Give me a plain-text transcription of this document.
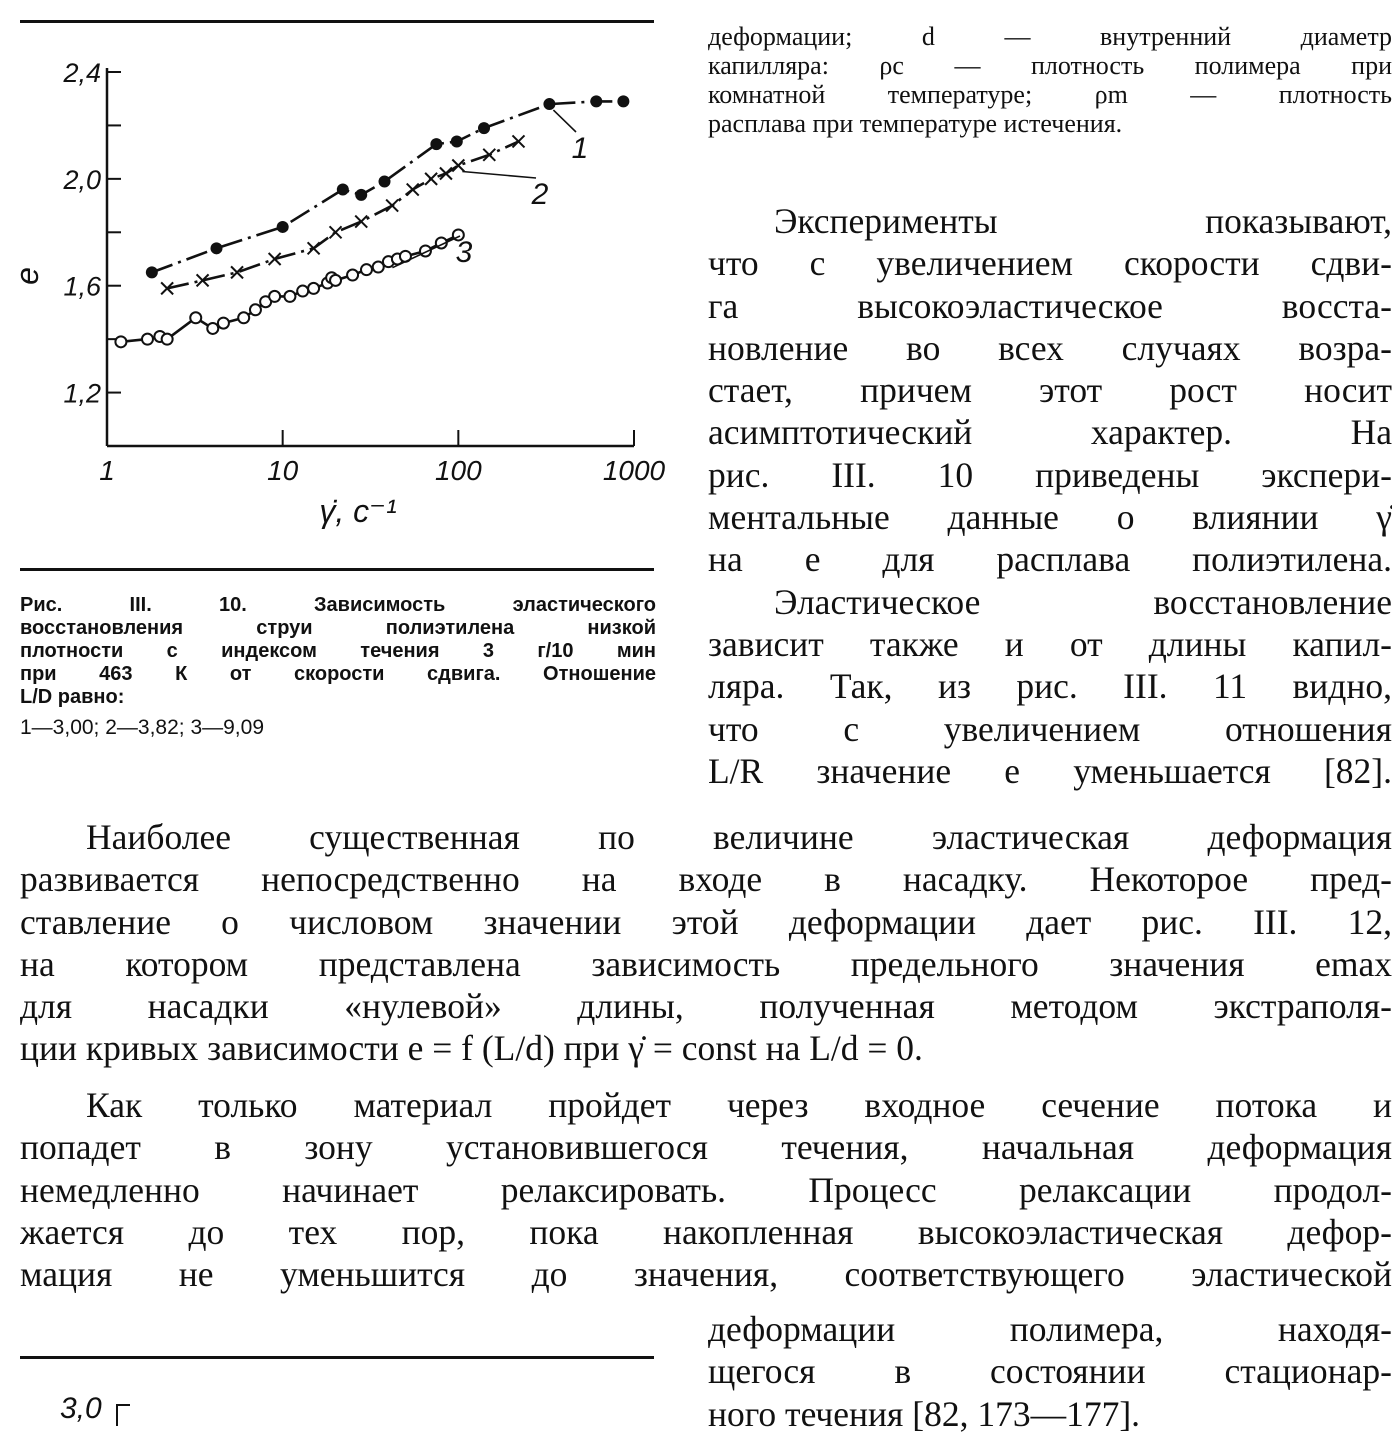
1	10	100	1000
2,4
2,0
1,6
1,2
γ̇, с⁻¹
e
1
2
3
Рис. III. 10. Зависимость эластического
восстановления струи полиэтилена низкой
плотности с индексом течения 3 г/10 мин
при 463 К от скорости сдвига. Отношение
L/D равно:
1—3,00; 2—3,82; 3—9,09
деформации; d — внутренний диаметр
капилляра: ρc — плотность полимера при
комнатной температуре; ρm — плотность
расплава при температуре истечения.
Эксперименты показывают,
что с увеличением скорости сдви-
га высокоэластическое восста-
новление во всех случаях возра-
стает, причем этот рост носит
асимптотический характер. На
рис. III. 10 приведены экспери-
ментальные данные о влиянии γ̇
на e для расплава полиэтилена.
Эластическое восстановление
зависит также и от длины капил-
ляра. Так, из рис. III. 11 видно,
что с увеличением отношения
L/R значение e уменьшается [82].
Наиболее существенная по величине эластическая деформация
развивается непосредственно на входе в насадку. Некоторое пред-
ставление о числовом значении этой деформации дает рис. III. 12,
на котором представлена зависимость предельного значения emax
для насадки «нулевой» длины, полученная методом экстраполя-
ции кривых зависимости e = f (L/d) при γ̇ = const на L/d = 0.
Как только материал пройдет через входное сечение потока и
попадет в зону установившегося течения, начальная деформация
немедленно начинает релаксировать. Процесс релаксации продол-
жается до тех пор, пока накопленная высокоэластическая дефор-
мация не уменьшится до значения, соответствующего эластической
деформации полимера, находя-
щегося в состоянии стационар-
ного течения [82, 173—177].
3,0
